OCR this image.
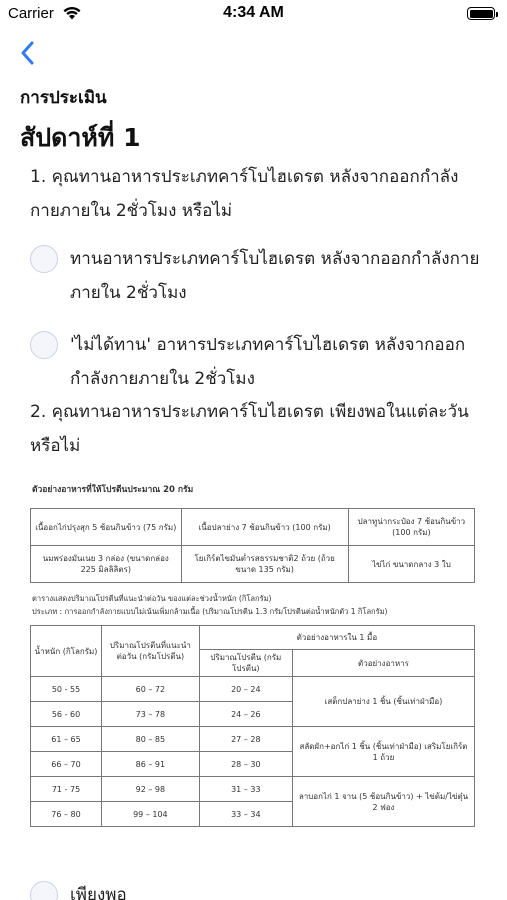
Carrier	4:34 AM
การประเมิน
สัปดาห์ที่ 1
1. คุณทานอาหารประเภทคาร์โบไฮเดรต หลังจากออกกำลังกายภายใน 2ชั่วโมง หรือไม่
ทานอาหารประเภทคาร์โบไฮเดรต หลังจากออกกำลังกายภายใน 2ชั่วโมง
'ไม่ได้ทาน' อาหารประเภทคาร์โบไฮเดรต หลังจากออกกำลังกายภายใน 2ชั่วโมง
2. คุณทานอาหารประเภทคาร์โบไฮเดรต เพียงพอในแต่ละวันหรือไม่
ตัวอย่างอาหารที่ให้โปรตีนประมาณ 20 กรัม
เนื้ออกไก่ปรุงสุก 5 ช้อนกินข้าว (75 กรัม)	เนื้อปลาย่าง 7 ช้อนกินข้าว (100 กรัม)	ปลาทูน่ากระป๋อง 7 ช้อนกินข้าว (100 กรัม)
นมพร่องมันเนย 3 กล่อง (ขนาดกล่อง 225 มิลลิลิตร)	โยเกิร์ตไขมันต่ำรสธรรมชาติ2 ถ้วย (ถ้วยขนาด 135 กรัม)	ไข่ไก่ ขนาดกลาง 3 ใบ
ตารางแสดงปริมาณโปรตีนที่แนะนำต่อวัน ของแต่ละช่วงน้ำหนัก (กิโลกรัม)
ประเภท : การออกกำลังกายแบบไม่เน้นเพิ่มกล้ามเนื้อ (ปริมาณโปรตีน 1.3 กรัมโปรตีนต่อน้ำหนักตัว 1 กิโลกรัม)
น้ำหนัก (กิโลกรัม)	ปริมาณโปรตีนที่แนะนำต่อวัน (กรัมโปรตีน)	ตัวอย่างอาหารใน 1 มื้อ	
		ปริมาณโปรตีน (กรัมโปรตีน)	ตัวอย่างอาหาร
50 - 55	60 – 72	20 – 24	เสต็กปลาย่าง 1 ชิ้น (ชิ้นเท่าฝ่ามือ)
56 - 60	73 – 78	24 – 26	
61 – 65	80 – 85	27 – 28	สลัดผัก+อกไก่ 1 ชิ้น (ชิ้นเท่าฝ่ามือ) เสริมโยเกิร์ต 1 ถ้วย
66 – 70	86 – 91	28 – 30	
71 - 75	92 – 98	31 – 33	ลาบอกไก่ 1 จาน (5 ช้อนกินข้าว) + ไข่ต้ม/ไข่ตุ๋น 2 ฟอง
76 – 80	99 – 104	33 – 34	
เพียงพอ
